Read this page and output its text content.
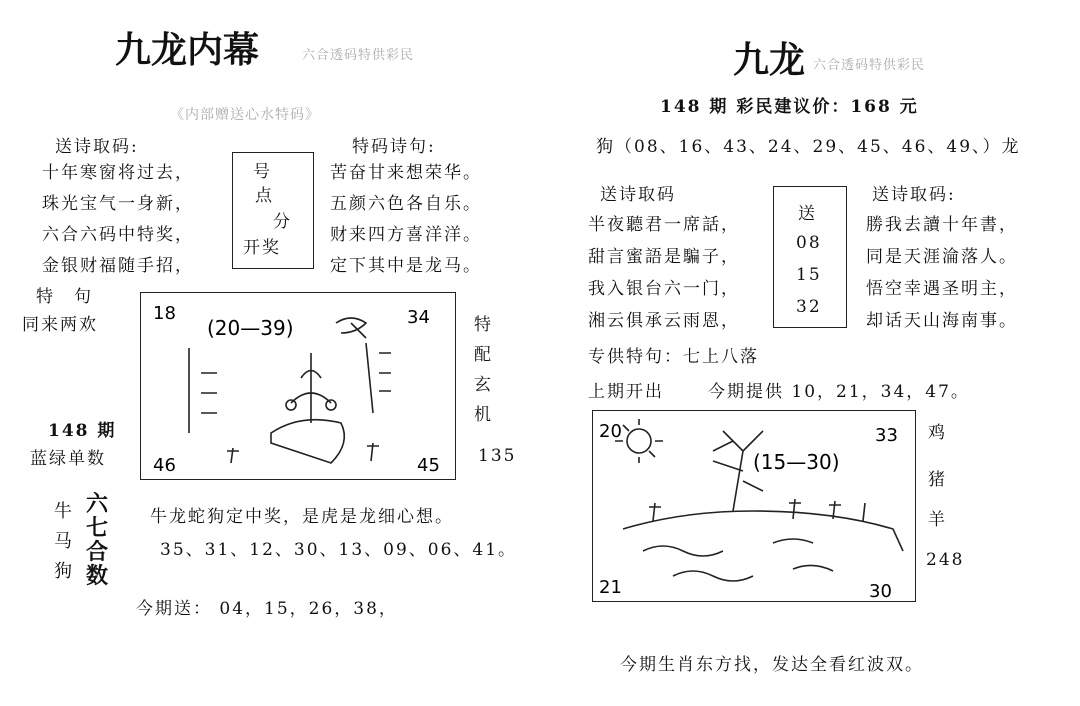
九龙内幕	六合透码特供彩民
《内部赠送心水特码》
送诗取码:
十年寒窗将过去，
珠光宝气一身新，
六合六码中特奖，
金银财福随手招，
号
点
分
开奖
特码诗句:
苦奋甘来想荣华。
五颜六色各自乐。
财来四方喜洋洋。
定下其中是龙马。
特　句
同来两欢
148 期
蓝绿单数
18	34
46	45
(20—39)	特
配
玄
机
135
牛
马
狗
六
七
合
数
牛龙蛇狗定中奖，是虎是龙细心想。
35、31、12、30、13、09、06、41。
今期送： 04，15，26，38，
九龙 六合透码特供彩民
148 期 彩民建议价：168 元
狗（08、16、43、24、29、45、46、49、）龙
送诗取码
半夜聽君一席話，
甜言蜜語是騙子，
我入银台六一门，
湘云俱承云雨恩，
送
08
15
32
送诗取码:
勝我去讀十年書，
同是天涯淪落人。
悟空幸遇圣明主，
却话天山海南事。
专供特句：七上八落
上期开出	今期提供 10，21，34，47。
20	33
21	30
(15—30)
鸡
猪
羊
248
今期生肖东方找，发达全看红波双。
